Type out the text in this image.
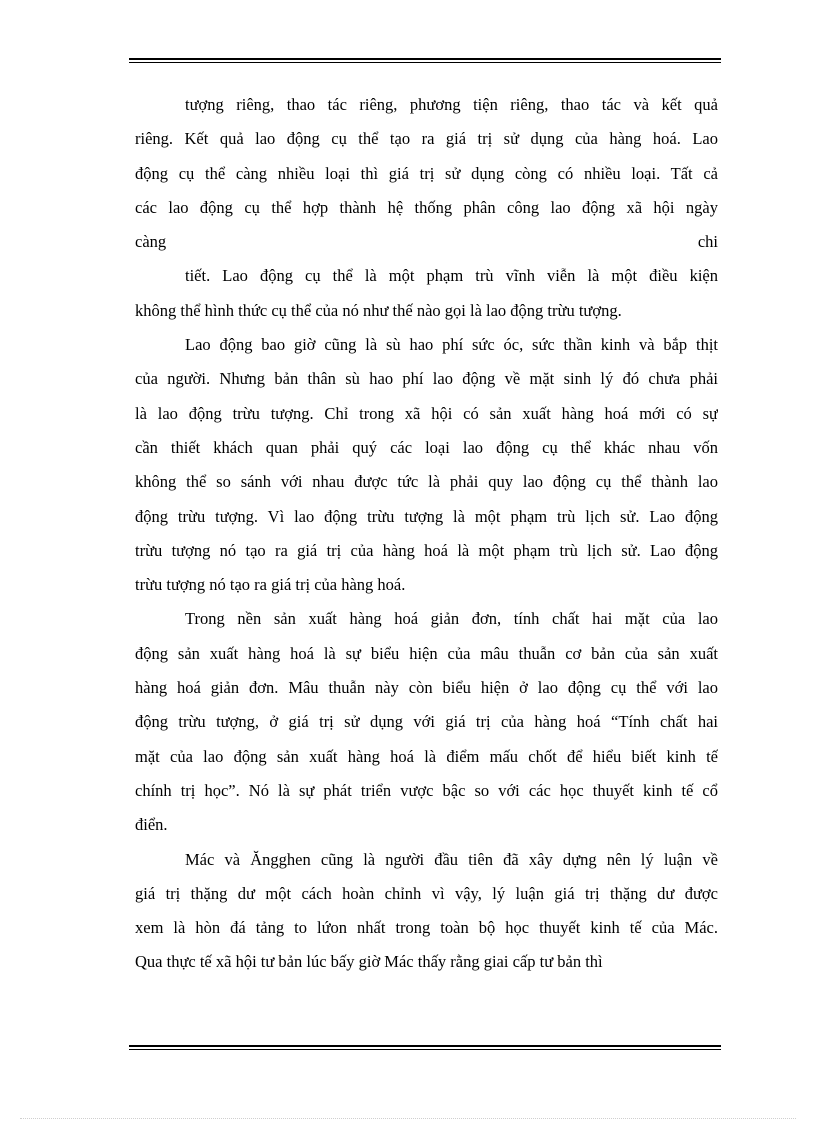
tượng riêng, thao tác riêng, phương tiện riêng, thao tác và kết quả
riêng. Kết quả lao động cụ thể tạo ra giá trị sử dụng của hàng hoá. Lao
động cụ thể càng nhiều loại thì giá trị sử dụng còng có nhiều loại. Tất cả
các lao động cụ thể hợp thành hệ thống phân công lao động xã hội ngày
càng chi
tiết. Lao động cụ thể là một phạm trù vĩnh viễn là một điều kiện
không thể hình thức cụ thể của nó như thế nào gọi là lao động trừu tượng.
Lao động bao giờ cũng là sù hao phí sức óc, sức thần kinh và bắp thịt
của người. Nhưng bản thân sù hao phí lao động về mặt sinh lý đó chưa phải
là lao động trừu tượng. Chỉ trong xã hội có sản xuất hàng hoá mới có sự
cần thiết khách quan phải quý các loại lao động cụ thể khác nhau vốn
không thể so sánh với nhau được tức là phải quy lao động cụ thể thành lao
động trừu tượng. Vì lao động trừu tượng là một phạm trù lịch sử. Lao động
trừu tượng nó tạo ra giá trị của hàng hoá là một phạm trù lịch sử. Lao động
trừu tượng nó tạo ra giá trị của hàng hoá.
Trong nền sản xuất hàng hoá giản đơn, tính chất hai mặt của lao
động sản xuất hàng hoá là sự biểu hiện của mâu thuẫn cơ bản của sản xuất
hàng hoá giản đơn. Mâu thuẫn này còn biểu hiện ở lao động cụ thể với lao
động trừu tượng, ở giá trị sử dụng với giá trị của hàng hoá “Tính chất hai
mặt của lao động sản xuất hàng hoá là điểm mấu chốt để hiểu biết kinh tế
chính trị học”. Nó là sự phát triển vược bậc so với các học thuyết kinh tế cổ
điển.
Mác và Ăngghen cũng là người đầu tiên đã xây dựng nên lý luận về
giá trị thặng dư một cách hoàn chỉnh vì vậy, lý luận giá trị thặng dư được
xem là hòn đá tảng to lứon nhất trong toàn bộ học thuyết kinh tế của Mác.
Qua thực tế xã hội tư bản lúc bấy giờ Mác thấy rằng giai cấp tư bản thì
